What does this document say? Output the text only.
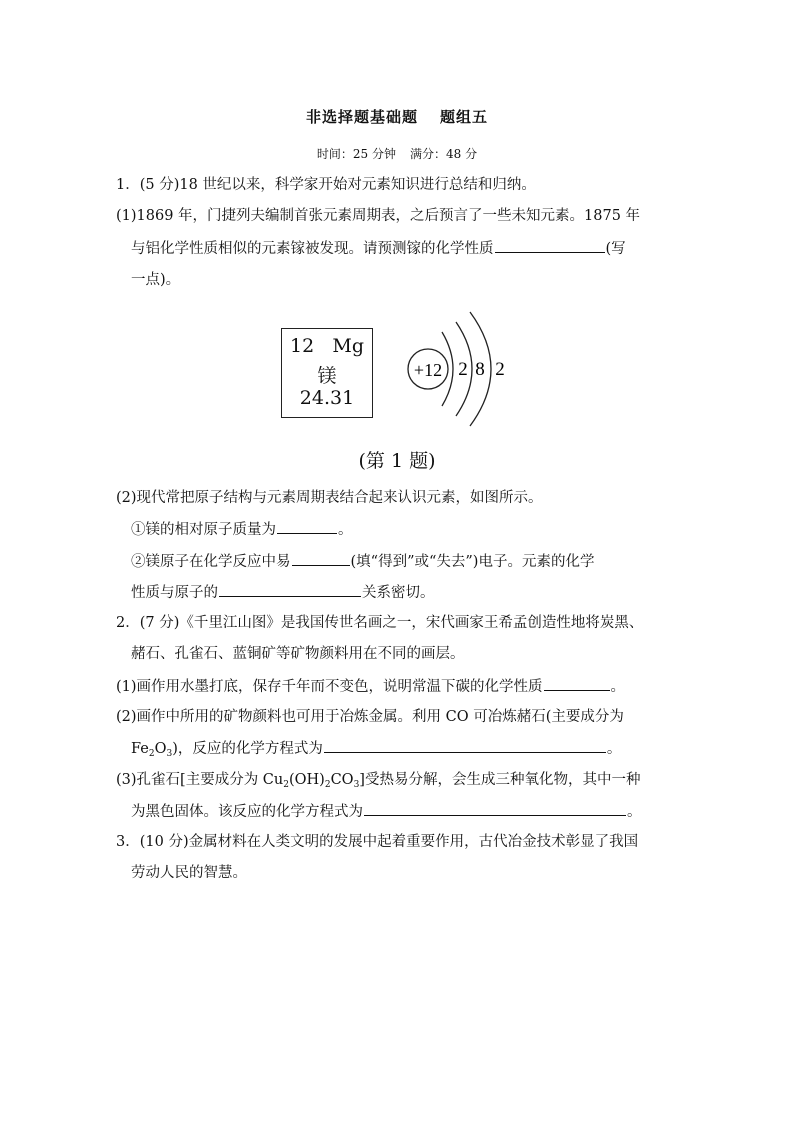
非选择题基础题 题组五
时间：25 分钟 满分：48 分
1．(5 分)18 世纪以来，科学家开始对元素知识进行总结和归纳。
(1)1869 年，门捷列夫编制首张元素周期表，之后预言了一些未知元素。1875 年
与铝化学性质相似的元素镓被发现。请预测镓的化学性质	(写
一点)。
12 Mg
镁
24.31
+12 2 8 2
(第 1 题)
(2)现代常把原子结构与元素周期表结合起来认识元素，如图所示。
①镁的相对原子质量为	。
②镁原子在化学反应中易	(填“得到”或“失去”)电子。元素的化学
性质与原子的	关系密切。
2．(7 分)《千里江山图》是我国传世名画之一，宋代画家王希孟创造性地将炭黑、
赭石、孔雀石、蓝铜矿等矿物颜料用在不同的画层。
(1)画作用水墨打底，保存千年而不变色，说明常温下碳的化学性质	。
(2)画作中所用的矿物颜料也可用于冶炼金属。利用 CO 可冶炼赭石(主要成分为
$Fe_2O_3$)，反应的化学方程式为	。
(3)孔雀石[主要成分为 $Cu_2(OH)_2CO_3$]受热易分解，会生成三种氧化物，其中一种
为黑色固体。该反应的化学方程式为	。
3．(10 分)金属材料在人类文明的发展中起着重要作用，古代冶金技术彰显了我国
劳动人民的智慧。
